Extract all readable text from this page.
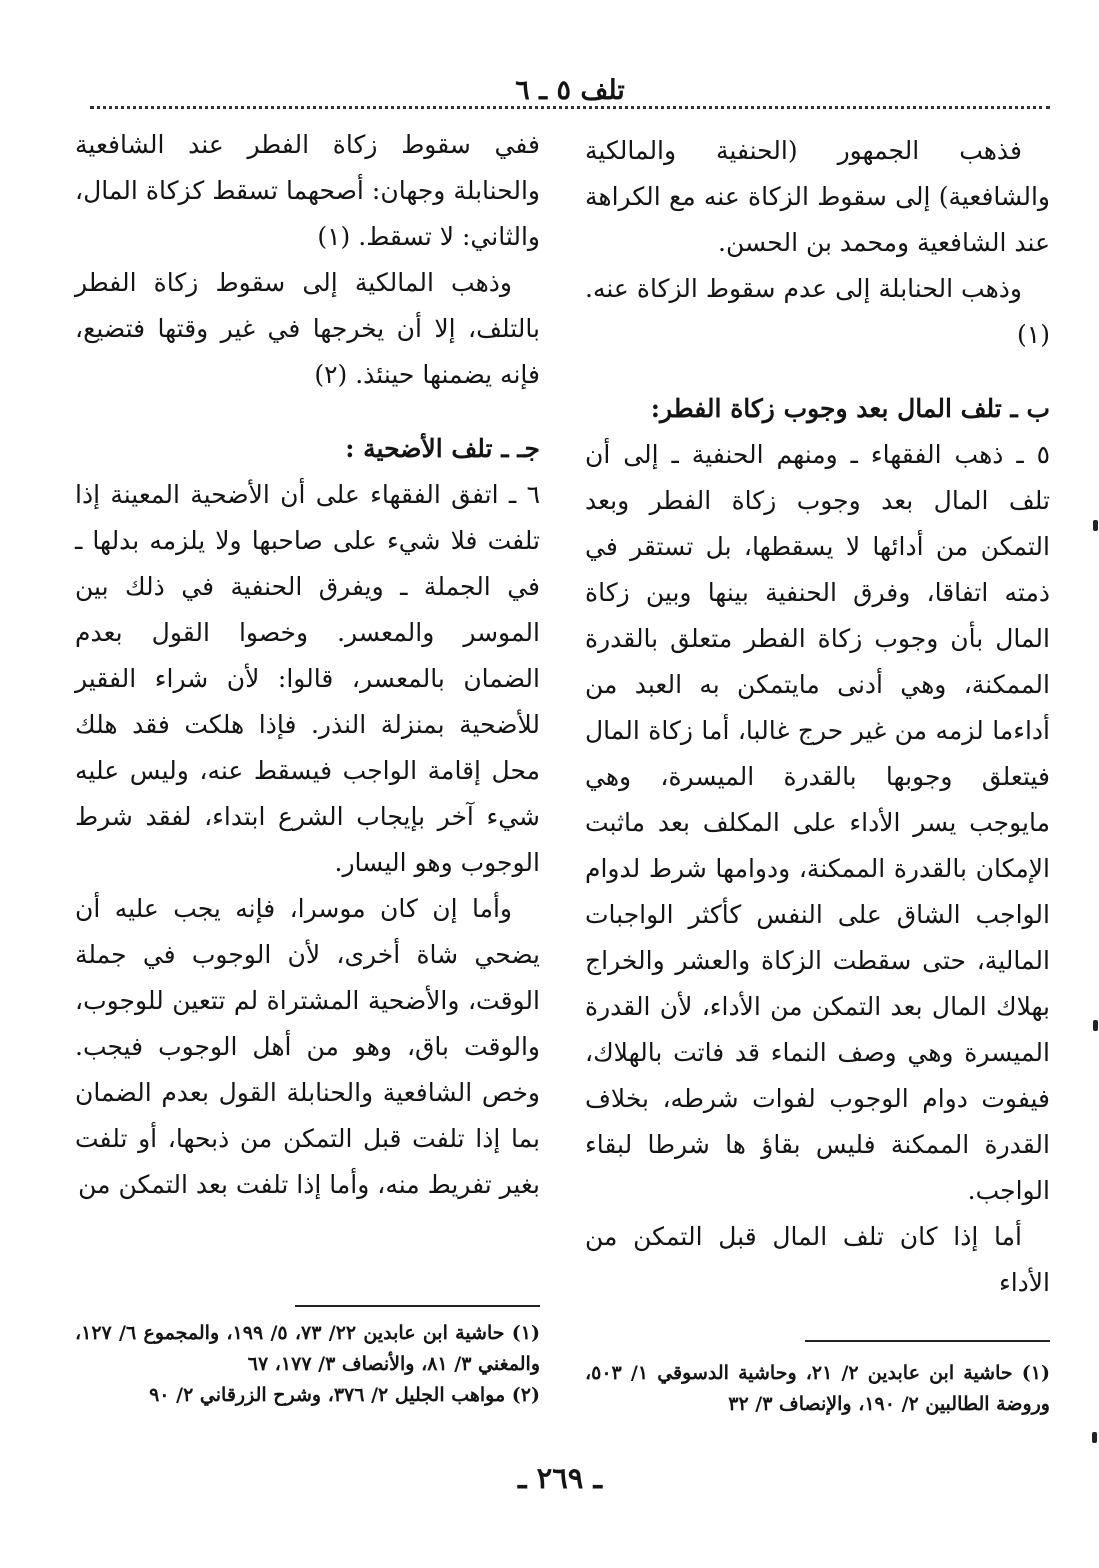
تلف ٥ ـ ٦

فذهب الجمهور (الحنفية والمالكية والشافعية) إلى سقوط الزكاة عنه مع الكراهة عند الشافعية ومحمد بن الحسن.

وذهب الحنابلة إلى عدم سقوط الزكاة عنه. (١)

ب ـ تلف المال بعد وجوب زكاة الفطر:

٥ ـ ذهب الفقهاء ـ ومنهم الحنفية ـ إلى أن تلف المال بعد وجوب زكاة الفطر وبعد التمكن من أدائها لا يسقطها، بل تستقر في ذمته اتفاقا، وفرق الحنفية بينها وبين زكاة المال بأن وجوب زكاة الفطر متعلق بالقدرة الممكنة، وهي أدنى مايتمكن به العبد من أداءما لزمه من غير حرج غالبا، أما زكاة المال فيتعلق وجوبها بالقدرة الميسرة، وهي مايوجب يسر الأداء على المكلف بعد ماثبت الإمكان بالقدرة الممكنة، ودوامها شرط لدوام الواجب الشاق على النفس كأكثر الواجبات المالية، حتى سقطت الزكاة والعشر والخراج بهلاك المال بعد التمكن من الأداء، لأن القدرة الميسرة وهي وصف النماء قد فاتت بالهلاك، فيفوت دوام الوجوب لفوات شرطه، بخلاف القدرة الممكنة فليس بقاؤ ها شرطا لبقاء الواجب.

أما إذا كان تلف المال قبل التمكن من الأداء

ففي سقوط زكاة الفطر عند الشافعية والحنابلة وجهان: أصحهما تسقط كزكاة المال، والثاني: لا تسقط. (١)

وذهب المالكية إلى سقوط زكاة الفطر بالتلف، إلا أن يخرجها في غير وقتها فتضيع، فإنه يضمنها حينئذ. (٢)

جـ ـ تلف الأضحية :

٦ ـ اتفق الفقهاء على أن الأضحية المعينة إذا تلفت فلا شيء على صاحبها ولا يلزمه بدلها ـ في الجملة ـ ويفرق الحنفية في ذلك بين الموسر والمعسر. وخصوا القول بعدم الضمان بالمعسر، قالوا: لأن شراء الفقير للأضحية بمنزلة النذر. فإذا هلكت فقد هلك محل إقامة الواجب فيسقط عنه، وليس عليه شيء آخر بإيجاب الشرع ابتداء، لفقد شرط الوجوب وهو اليسار.

وأما إن كان موسرا، فإنه يجب عليه أن يضحي شاة أخرى، لأن الوجوب في جملة الوقت، والأضحية المشتراة لم تتعين للوجوب، والوقت باق، وهو من أهل الوجوب فيجب. وخص الشافعية والحنابلة القول بعدم الضمان بما إذا تلفت قبل التمكن من ذبحها، أو تلفت بغير تفريط منه، وأما إذا تلفت بعد التمكن من

(١) حاشية ابن عابدين ٢/ ٢١، وحاشية الدسوقي ١/ ٥٠٣، وروضة الطالبين ٢/ ١٩٠، والإنصاف ٣/ ٣٢

(١) حاشية ابن عابدين ٢٢/ ٧٣، ٥/ ١٩٩، والمجموع ٦/ ١٢٧، والمغني ٣/ ٨١، والأنصاف ٣/ ١٧٧، ٦٧

(٢) مواهب الجليل ٢/ ٣٧٦، وشرح الزرقاني ٢/ ٩٠

ـ ٢٦٩ ـ
